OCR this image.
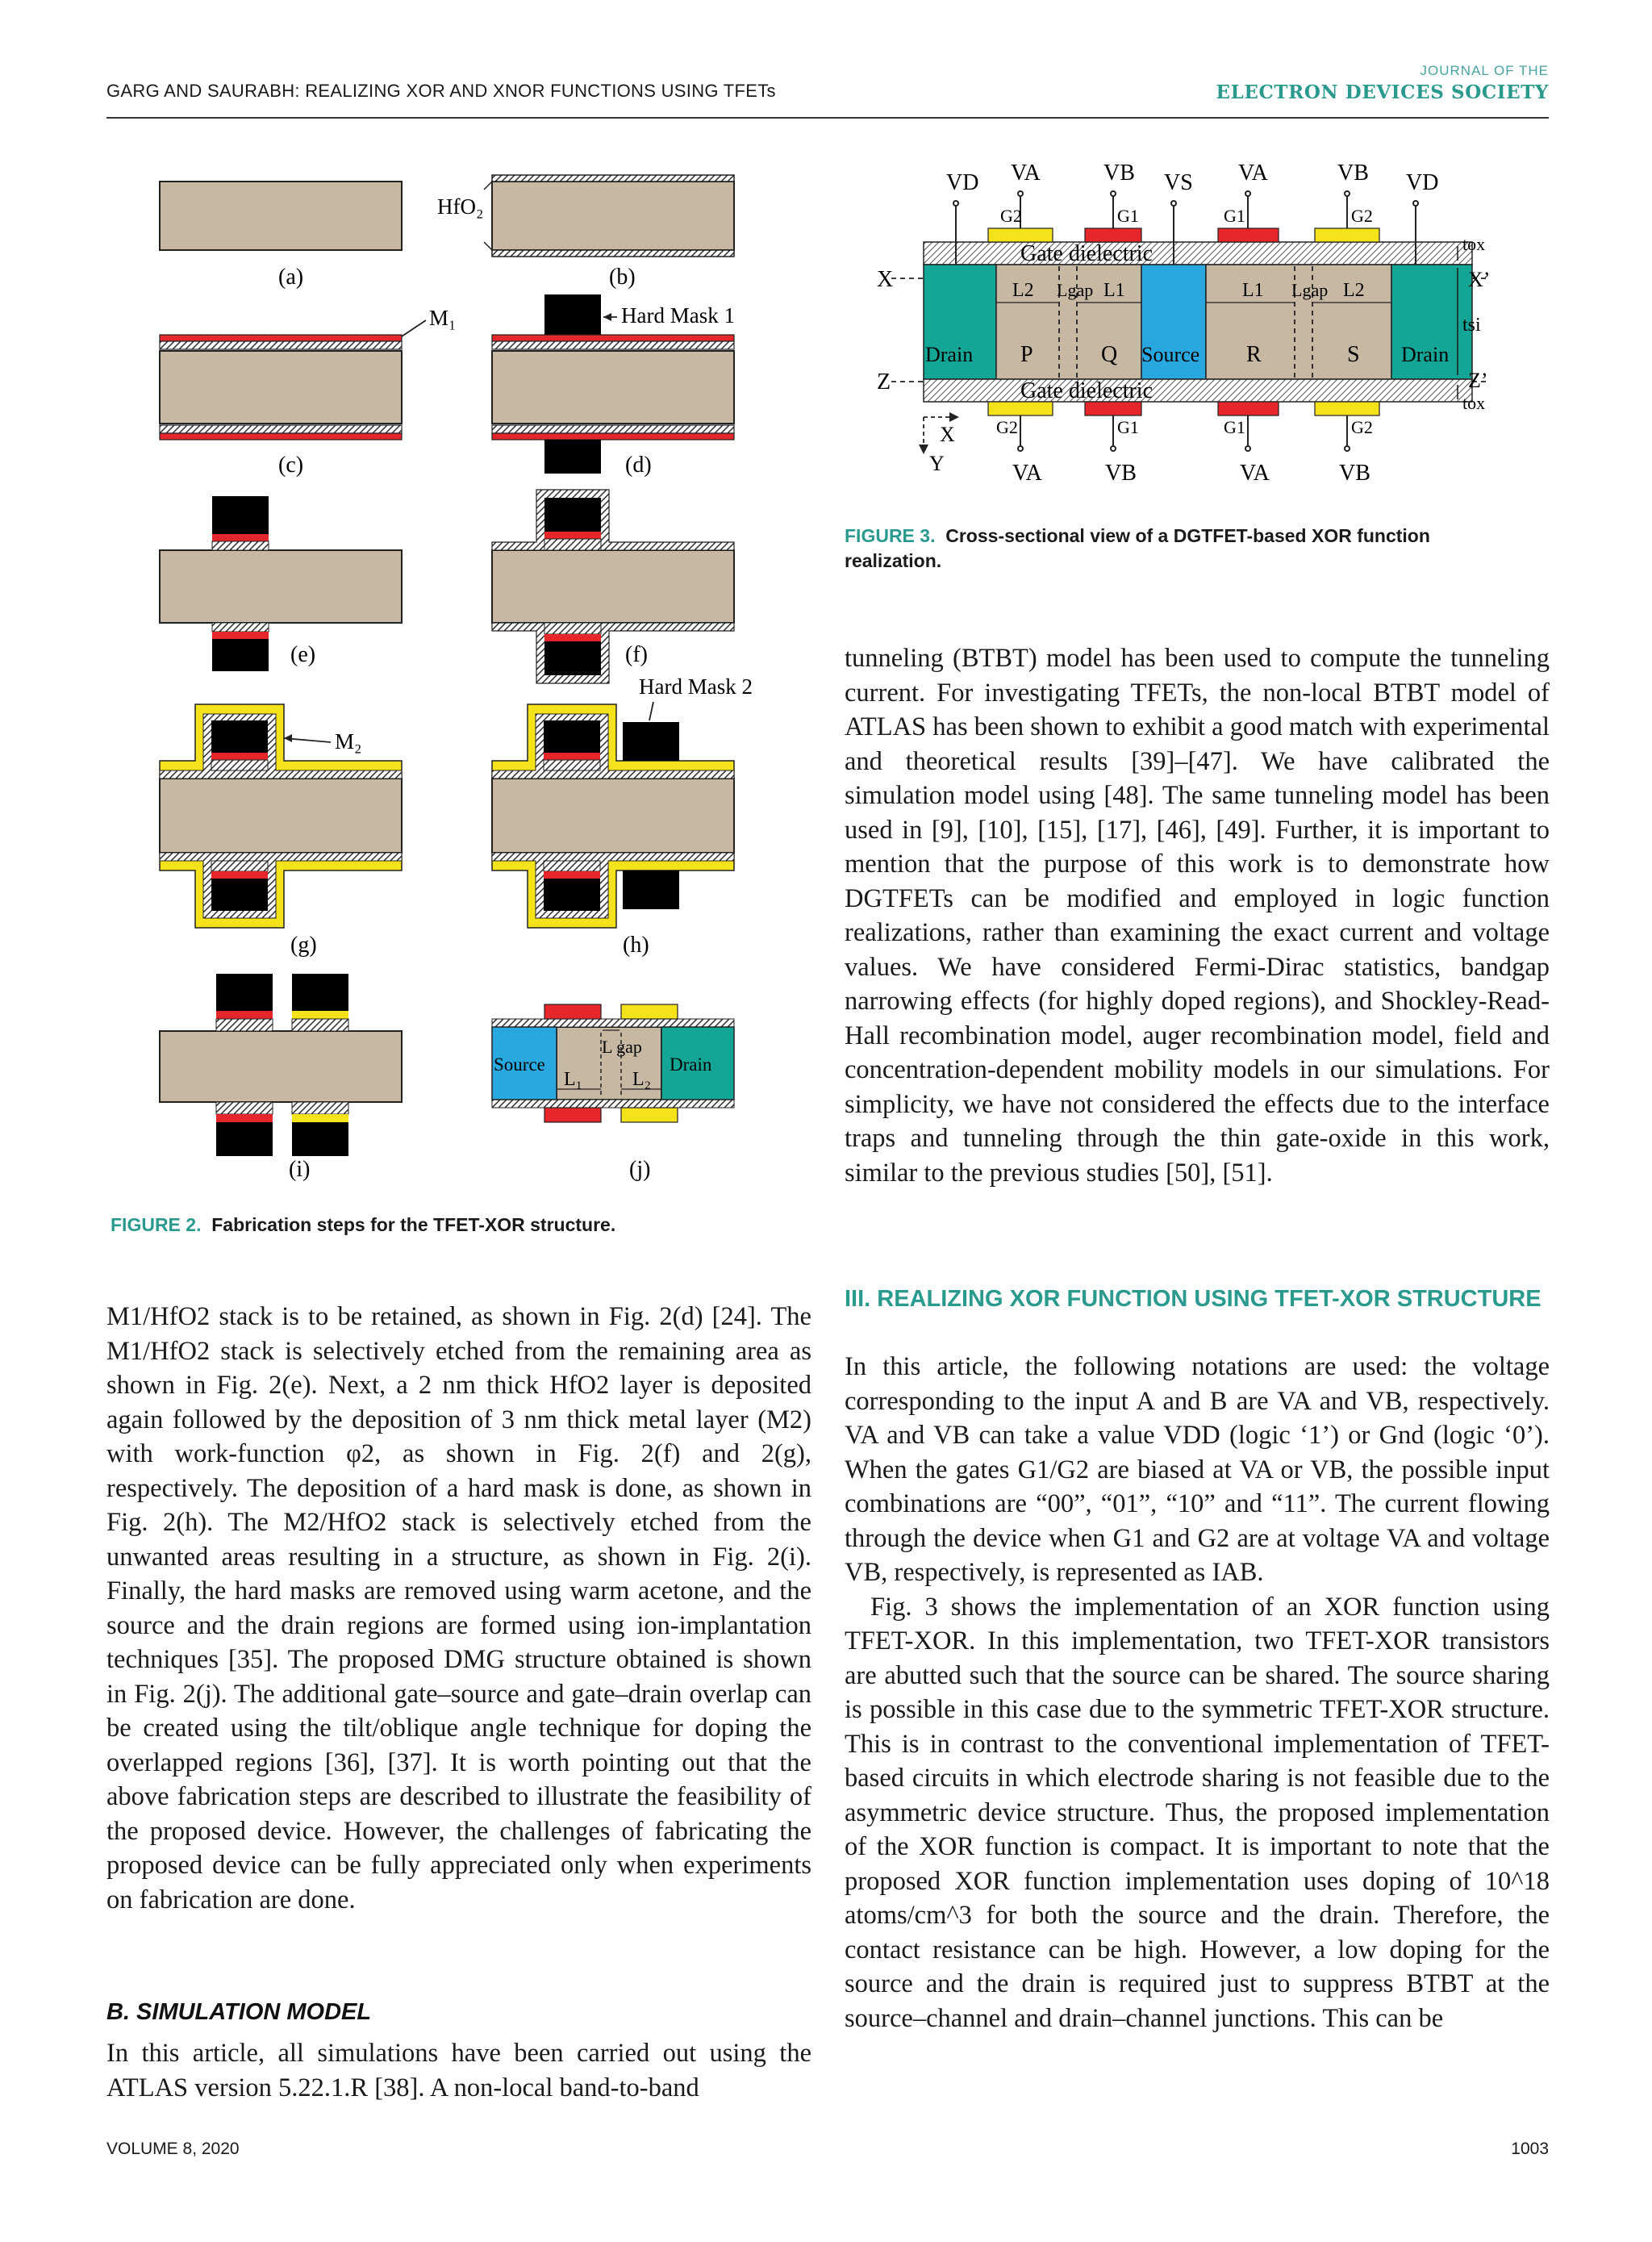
GARG AND SAURABH: REALIZING XOR AND XNOR FUNCTIONS USING TFETs
JOURNAL OF THE
ELECTRON DEVICES SOCIETY
Source	Drain
L₁	L₂
L gap
HfO₂
M₁	Hard Mask 1
M₂
Hard Mask 2
(a)	(b)
(c)	(d)
(e)	(f)
(g)	(h)
(i)	(j)
FIGURE 2. Fabrication steps for the TFET-XOR structure.
VD VA	VB VS VA	VB VD
G2	G1	G1	G2
Gate dielectric
Gate dielectric
Drain P	Q Source R	S Drain
L2 Lgap L1	L1 Lgap L2
X	X’
Z	Z’
tox
tsi
tox
X
Y
G2	G1	G1	G2
VA	VB	VA	VB
FIGURE 3. Cross-sectional view of a DGTFET-based XOR function realization.

tunneling (BTBT) model has been used to compute the tunneling current. For investigating TFETs, the non-local BTBT model of ATLAS has been shown to exhibit a good match with experimental and theoretical results [39]–[47]. We have calibrated the simulation model using [48]. The same tunneling model has been used in [9], [10], [15], [17], [46], [49]. Further, it is important to mention that the purpose of this work is to demonstrate how DGTFETs can be modified and employed in logic function realizations, rather than examining the exact current and voltage values. We have considered Fermi-Dirac statistics, bandgap narrowing effects (for highly doped regions), and Shockley-Read-Hall recombination model, auger recombination model, field and concentration-dependent mobility models in our simulations. For simplicity, we have not considered the effects due to the interface traps and tunneling through the thin gate-oxide in this work, similar to the previous studies [50], [51].

III. REALIZING XOR FUNCTION USING TFET-XOR STRUCTURE

In this article, the following notations are used: the voltage corresponding to the input A and B are VA and VB, respectively. VA and VB can take a value VDD (logic ‘1’) or Gnd (logic ‘0’). When the gates G1/G2 are biased at VA or VB, the possible input combinations are “00”, “01”, “10” and “11”. The current flowing through the device when G1 and G2 are at voltage VA and voltage VB, respectively, is represented as IAB.

Fig. 3 shows the implementation of an XOR function using TFET-XOR. In this implementation, two TFET-XOR transistors are abutted such that the source can be shared. The source sharing is possible in this case due to the symmetric TFET-XOR structure. This is in contrast to the conventional implementation of TFET-based circuits in which electrode sharing is not feasible due to the asymmetric device structure. Thus, the proposed implementation of the XOR function is compact. It is important to note that the proposed XOR function implementation uses doping of 10^18 atoms/cm^3 for both the source and the drain. Therefore, the contact resistance can be high. However, a low doping for the source and the drain is required just to suppress BTBT at the source–channel and drain–channel junctions. This can be

M1/HfO2 stack is to be retained, as shown in Fig. 2(d) [24]. The M1/HfO2 stack is selectively etched from the remaining area as shown in Fig. 2(e). Next, a 2 nm thick HfO2 layer is deposited again followed by the deposition of 3 nm thick metal layer (M2) with work-function φ2, as shown in Fig. 2(f) and 2(g), respectively. The deposition of a hard mask is done, as shown in Fig. 2(h). The M2/HfO2 stack is selectively etched from the unwanted areas resulting in a structure, as shown in Fig. 2(i). Finally, the hard masks are removed using warm acetone, and the source and the drain regions are formed using ion-implantation techniques [35]. The proposed DMG structure obtained is shown in Fig. 2(j). The additional gate–source and gate–drain overlap can be created using the tilt/oblique angle technique for doping the overlapped regions [36], [37]. It is worth pointing out that the above fabrication steps are described to illustrate the feasibility of the proposed device. However, the challenges of fabricating the proposed device can be fully appreciated only when experiments on fabrication are done.

B. SIMULATION MODEL

In this article, all simulations have been carried out using the ATLAS version 5.22.1.R [38]. A non-local band-to-band

VOLUME 8, 2020	1003
